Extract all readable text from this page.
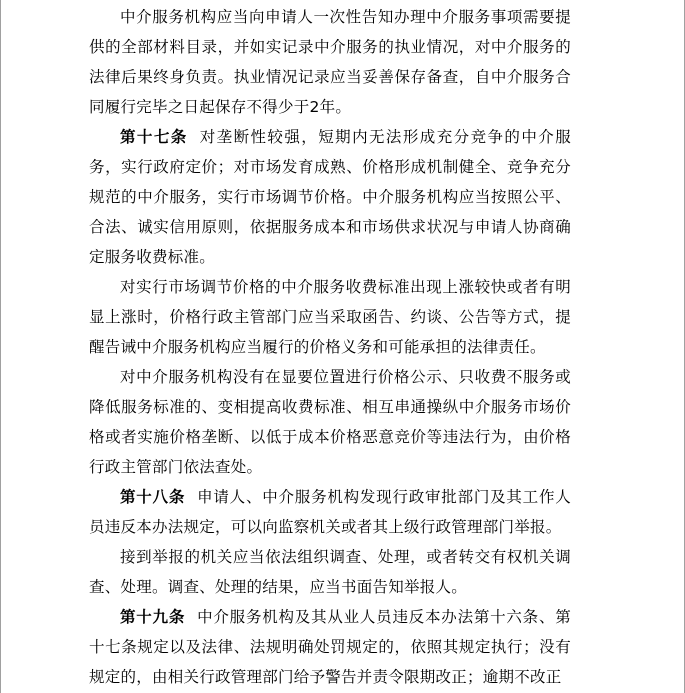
中介服务机构应当向申请人一次性告知办理中介服务事项需要提供的全部材料目录，并如实记录中介服务的执业情况，对中介服务的法律后果终身负责。执业情况记录应当妥善保存备查，自中介服务合同履行完毕之日起保存不得少于2年。

第十七条 对垄断性较强，短期内无法形成充分竞争的中介服务，实行政府定价；对市场发育成熟、价格形成机制健全、竞争充分规范的中介服务，实行市场调节价格。中介服务机构应当按照公平、合法、诚实信用原则，依据服务成本和市场供求状况与申请人协商确定服务收费标准。

对实行市场调节价格的中介服务收费标准出现上涨较快或者有明显上涨时，价格行政主管部门应当采取函告、约谈、公告等方式，提醒告诫中介服务机构应当履行的价格义务和可能承担的法律责任。

对中介服务机构没有在显要位置进行价格公示、只收费不服务或降低服务标准的、变相提高收费标准、相互串通操纵中介服务市场价格或者实施价格垄断、以低于成本价格恶意竞价等违法行为，由价格行政主管部门依法查处。

第十八条 申请人、中介服务机构发现行政审批部门及其工作人员违反本办法规定，可以向监察机关或者其上级行政管理部门举报。

接到举报的机关应当依法组织调查、处理，或者转交有权机关调查、处理。调查、处理的结果，应当书面告知举报人。

第十九条 中介服务机构及其从业人员违反本办法第十六条、第十七条规定以及法律、法规明确处罚规定的，依照其规定执行；没有规定的，由相关行政管理部门给予警告并责令限期改正；逾期不改正
